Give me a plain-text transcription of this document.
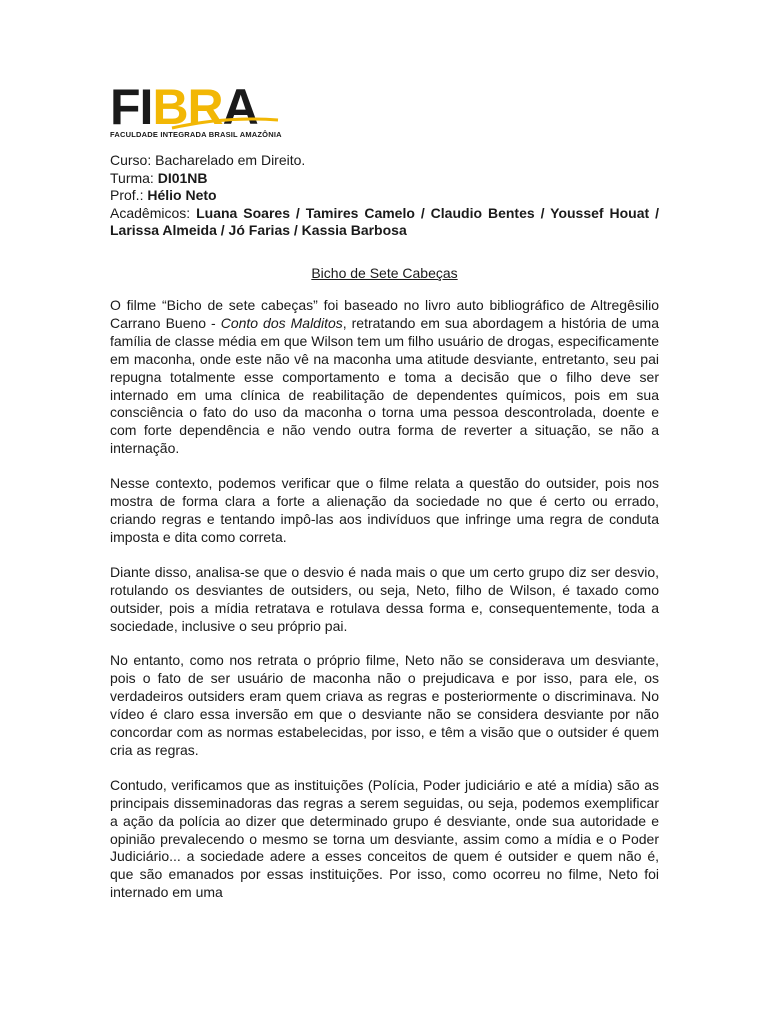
FIBRA
FACULDADE INTEGRADA BRASIL AMAZÔNIA
Curso: Bacharelado em Direito.
Turma: DI01NB
Prof.: Hélio Neto
Acadêmicos: Luana Soares / Tamires Camelo / Claudio Bentes / Youssef Houat / Larissa Almeida / Jó Farias / Kassia Barbosa
Bicho de Sete Cabeças

O filme “Bicho de sete cabeças” foi baseado no livro auto bibliográfico de Altregêsilio Carrano Bueno - Conto dos Malditos, retratando em sua abordagem a história de uma família de classe média em que Wilson tem um filho usuário de drogas, especificamente em maconha, onde este não vê na maconha uma atitude desviante, entretanto, seu pai repugna totalmente esse comportamento e toma a decisão que o filho deve ser internado em uma clínica de reabilitação de dependentes químicos, pois em sua consciência o fato do uso da maconha o torna uma pessoa descontrolada, doente e com forte dependência e não vendo outra forma de reverter a situação, se não a internação.

Nesse contexto, podemos verificar que o filme relata a questão do outsider, pois nos mostra de forma clara a forte a alienação da sociedade no que é certo ou errado, criando regras e tentando impô-las aos indivíduos que infringe uma regra de conduta imposta e dita como correta.

Diante disso, analisa-se que o desvio é nada mais o que um certo grupo diz ser desvio, rotulando os desviantes de outsiders, ou seja, Neto, filho de Wilson, é taxado como outsider, pois a mídia retratava e rotulava dessa forma e, consequentemente, toda a sociedade, inclusive o seu próprio pai.

No entanto, como nos retrata o próprio filme, Neto não se considerava um desviante, pois o fato de ser usuário de maconha não o prejudicava e por isso, para ele, os verdadeiros outsiders eram quem criava as regras e posteriormente o discriminava. No vídeo é claro essa inversão em que o desviante não se considera desviante por não concordar com as normas estabelecidas, por isso, e têm a visão que o outsider é quem cria as regras.

Contudo, verificamos que as instituições (Polícia, Poder judiciário e até a mídia) são as principais disseminadoras das regras a serem seguidas, ou seja, podemos exemplificar a ação da polícia ao dizer que determinado grupo é desviante, onde sua autoridade e opinião prevalecendo o mesmo se torna um desviante, assim como a mídia e o Poder Judiciário... a sociedade adere a esses conceitos de quem é outsider e quem não é, que são emanados por essas instituições. Por isso, como ocorreu no filme, Neto foi internado em uma
